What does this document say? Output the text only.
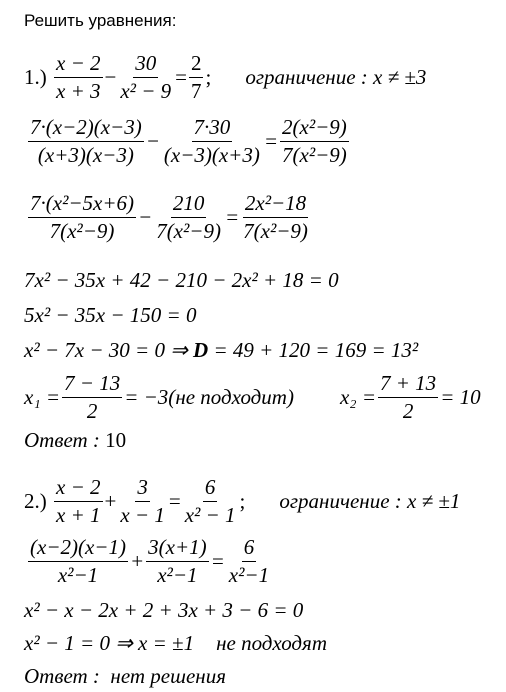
Решить уравнения:
1.)
$\frac{x - 2}{x + 3} - \frac{30}{\text{x² − 9}} = \frac{2}{7}$ ; ограничение :
x ≠ ±3
$\frac{7\cdot(x-2)(x-3)}{(x+3)(x-3)} - \frac{7\cdot 30}{(x-3)(x+3)} = \frac{\text{2(x²−9)}}{\text{7(x²−9)}}$
$\frac{\text{7·(x²−5x+6)}}{\text{7(x²−9)}} - \frac{210}{\text{7(x²−9)}} = \frac{\text{2x²−18}}{\text{7(x²−9)}}$
7x² − 35x + 42 − 210 − 2x² + 18 = 0
5x² − 35x − 150 = 0
x² − 7x − 30 = 0 ⇒ D = 49 + 120 = 169 = 13²
$x_1 = \frac{7 - 13}{2} = -3$( не подходит ) $x_2 = \frac{7 + 13}{2} = 10$
Ответ : 10
2.)
$\frac{x - 2}{x + 1} + \frac{3}{x - 1} = \frac{6}{\text{x² − 1}}$ ; ограничение :
x ≠ ±1
$\frac{(x-2)(x-1)}{\text{x²−1}} + \frac{3(x+1)}{\text{x²−1}} = \frac{6}{\text{x²−1}}$
x² − x − 2x + 2 + 3x + 3 − 6 = 0
x² − 1 = 0 ⇒ x = ±1 не подходят
Ответ : нет решения
